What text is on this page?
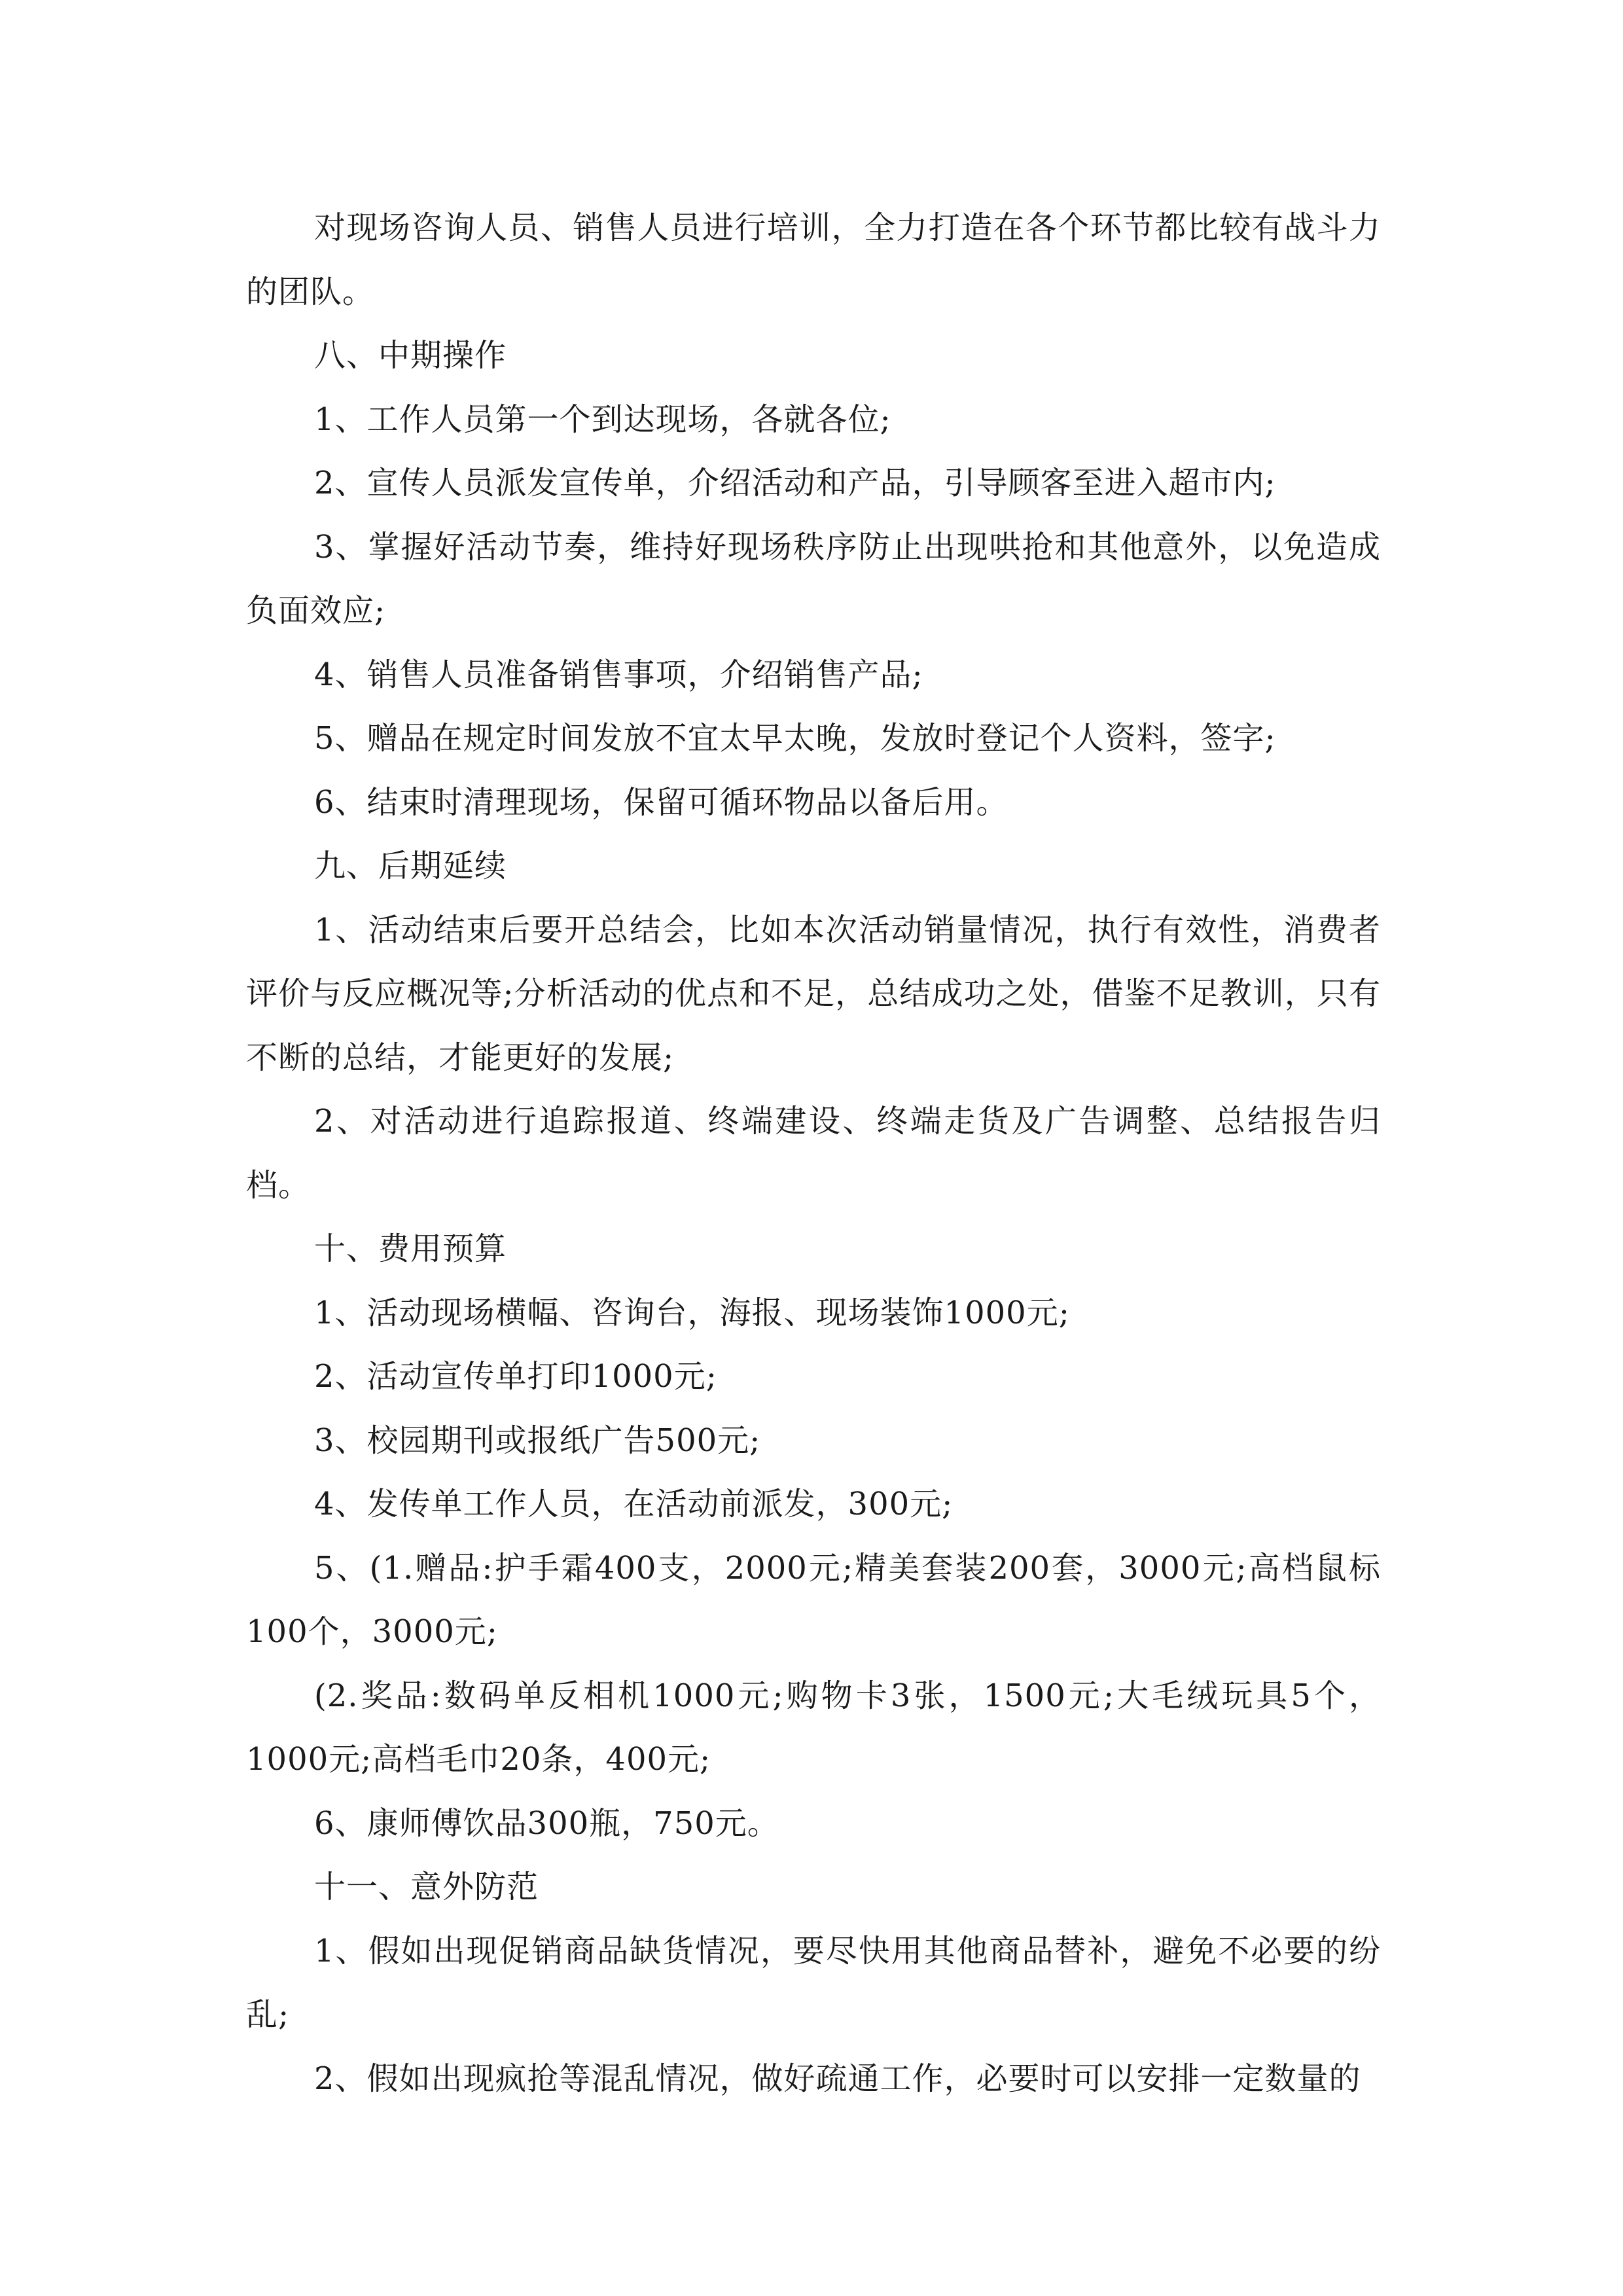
对现场咨询人员、销售人员进行培训，全力打造在各个环节都比较有战斗力的团队。

八、中期操作

1、工作人员第一个到达现场，各就各位;

2、宣传人员派发宣传单，介绍活动和产品，引导顾客至进入超市内;

3、掌握好活动节奏，维持好现场秩序防止出现哄抢和其他意外，以免造成负面效应;

4、销售人员准备销售事项，介绍销售产品;

5、赠品在规定时间发放不宜太早太晚，发放时登记个人资料，签字;

6、结束时清理现场，保留可循环物品以备后用。

九、后期延续

1、活动结束后要开总结会，比如本次活动销量情况，执行有效性，消费者评价与反应概况等;分析活动的优点和不足，总结成功之处，借鉴不足教训，只有不断的总结，才能更好的发展;

2、对活动进行追踪报道、终端建设、终端走货及广告调整、总结报告归档。

十、费用预算

1、活动现场横幅、咨询台，海报、现场装饰1000元;

2、活动宣传单打印1000元;

3、校园期刊或报纸广告500元;

4、发传单工作人员，在活动前派发，300元;

5、(1.赠品:护手霜400支，2000元;精美套装200套，3000元;高档鼠标100个，3000元;

(2.奖品:数码单反相机1000元;购物卡3张，1500元;大毛绒玩具5个，1000元;高档毛巾20条，400元;

6、康师傅饮品300瓶，750元。

十一、意外防范

1、假如出现促销商品缺货情况，要尽快用其他商品替补，避免不必要的纷乱;

2、假如出现疯抢等混乱情况，做好疏通工作，必要时可以安排一定数量的
